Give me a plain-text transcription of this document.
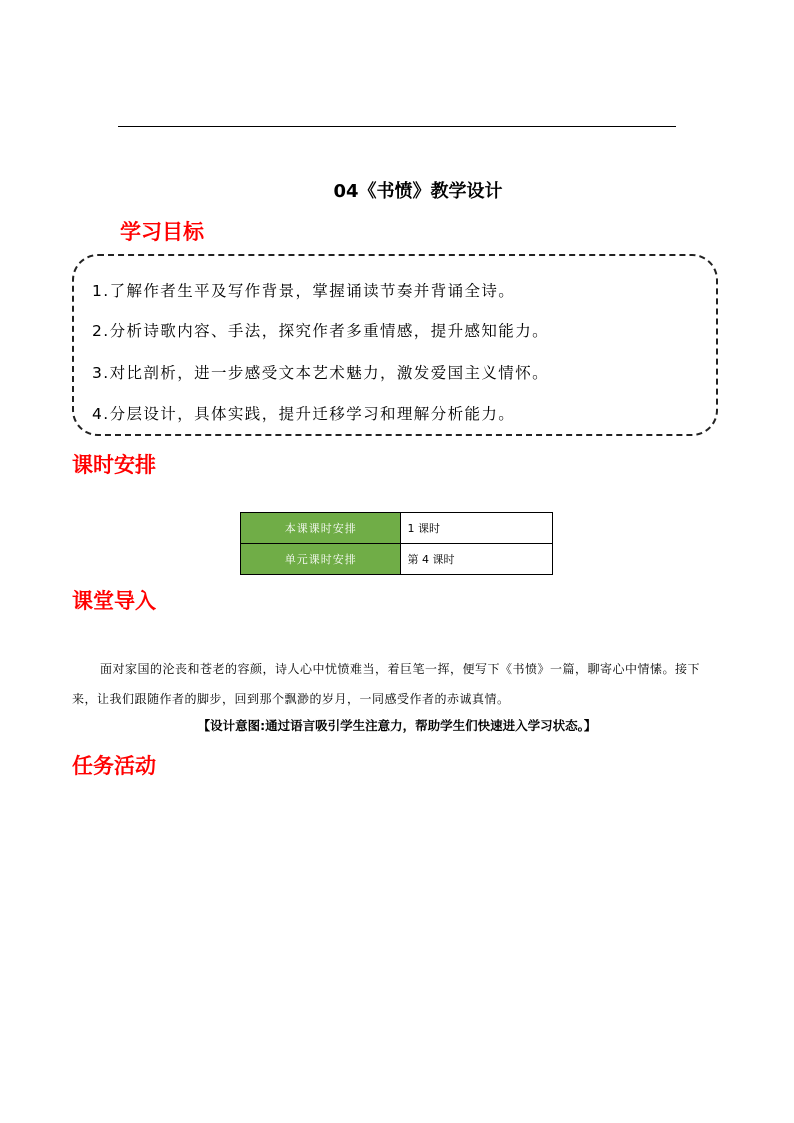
04《书愤》教学设计
学习目标
1.了解作者生平及写作背景，掌握诵读节奏并背诵全诗。
2.分析诗歌内容、手法，探究作者多重情感，提升感知能力。
3.对比剖析，进一步感受文本艺术魅力，激发爱国主义情怀。
4.分层设计，具体实践，提升迁移学习和理解分析能力。
课时安排
本课课时安排	1 课时
单元课时安排	第 4 课时
课堂导入
面对家国的沦丧和苍老的容颜，诗人心中忧愤难当，着巨笔一挥，便写下《书愤》一篇，聊寄心中情愫。接下来，让我们跟随作者的脚步，回到那个飘渺的岁月，一同感受作者的赤诚真情。
【设计意图:通过语言吸引学生注意力，帮助学生们快速进入学习状态。】
任务活动
